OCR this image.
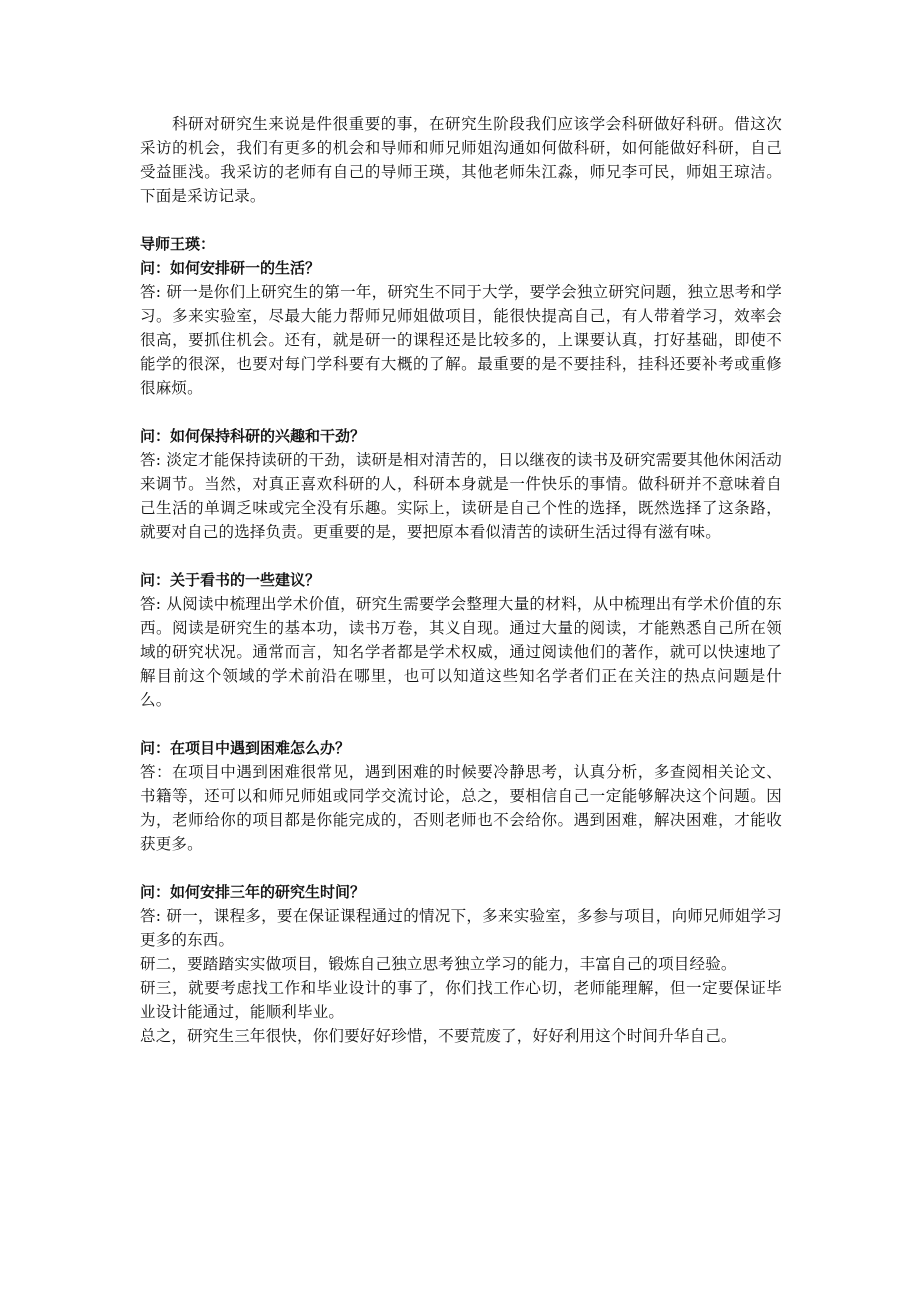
科研对研究生来说是件很重要的事，在研究生阶段我们应该学会科研做好科研。借这次采访的机会，我们有更多的机会和导师和师兄师姐沟通如何做科研，如何能做好科研，自己受益匪浅。我采访的老师有自己的导师王瑛，其他老师朱江淼，师兄李可民，师姐王琼洁。下面是采访记录。

导师王瑛：

问：如何安排研一的生活？

答: 研一是你们上研究生的第一年，研究生不同于大学，要学会独立研究问题，独立思考和学习。多来实验室，尽最大能力帮师兄师姐做项目，能很快提高自己，有人带着学习，效率会很高，要抓住机会。还有，就是研一的课程还是比较多的，上课要认真，打好基础，即使不能学的很深，也要对每门学科要有大概的了解。最重要的是不要挂科，挂科还要补考或重修很麻烦。

问：如何保持科研的兴趣和干劲？

答: 淡定才能保持读研的干劲，读研是相对清苦的，日以继夜的读书及研究需要其他休闲活动来调节。当然，对真正喜欢科研的人，科研本身就是一件快乐的事情。做科研并不意味着自己生活的单调乏味或完全没有乐趣。实际上，读研是自己个性的选择，既然选择了这条路，就要对自己的选择负责。更重要的是，要把原本看似清苦的读研生活过得有滋有味。

问：关于看书的一些建议？

答: 从阅读中梳理出学术价值，研究生需要学会整理大量的材料，从中梳理出有学术价值的东西。阅读是研究生的基本功，读书万卷，其义自现。通过大量的阅读，才能熟悉自己所在领域的研究状况。通常而言，知名学者都是学术权威，通过阅读他们的著作，就可以快速地了解目前这个领域的学术前沿在哪里，也可以知道这些知名学者们正在关注的热点问题是什么。

问：在项目中遇到困难怎么办？

答：在项目中遇到困难很常见，遇到困难的时候要冷静思考，认真分析，多查阅相关论文、书籍等，还可以和师兄师姐或同学交流讨论，总之，要相信自己一定能够解决这个问题。因为，老师给你的项目都是你能完成的，否则老师也不会给你。遇到困难，解决困难，才能收获更多。

问：如何安排三年的研究生时间？

答: 研一，课程多，要在保证课程通过的情况下，多来实验室，多参与项目，向师兄师姐学习更多的东西。

研二，要踏踏实实做项目，锻炼自己独立思考独立学习的能力，丰富自己的项目经验。

研三，就要考虑找工作和毕业设计的事了，你们找工作心切，老师能理解，但一定要保证毕业设计能通过，能顺利毕业。

总之，研究生三年很快，你们要好好珍惜，不要荒废了，好好利用这个时间升华自己。
